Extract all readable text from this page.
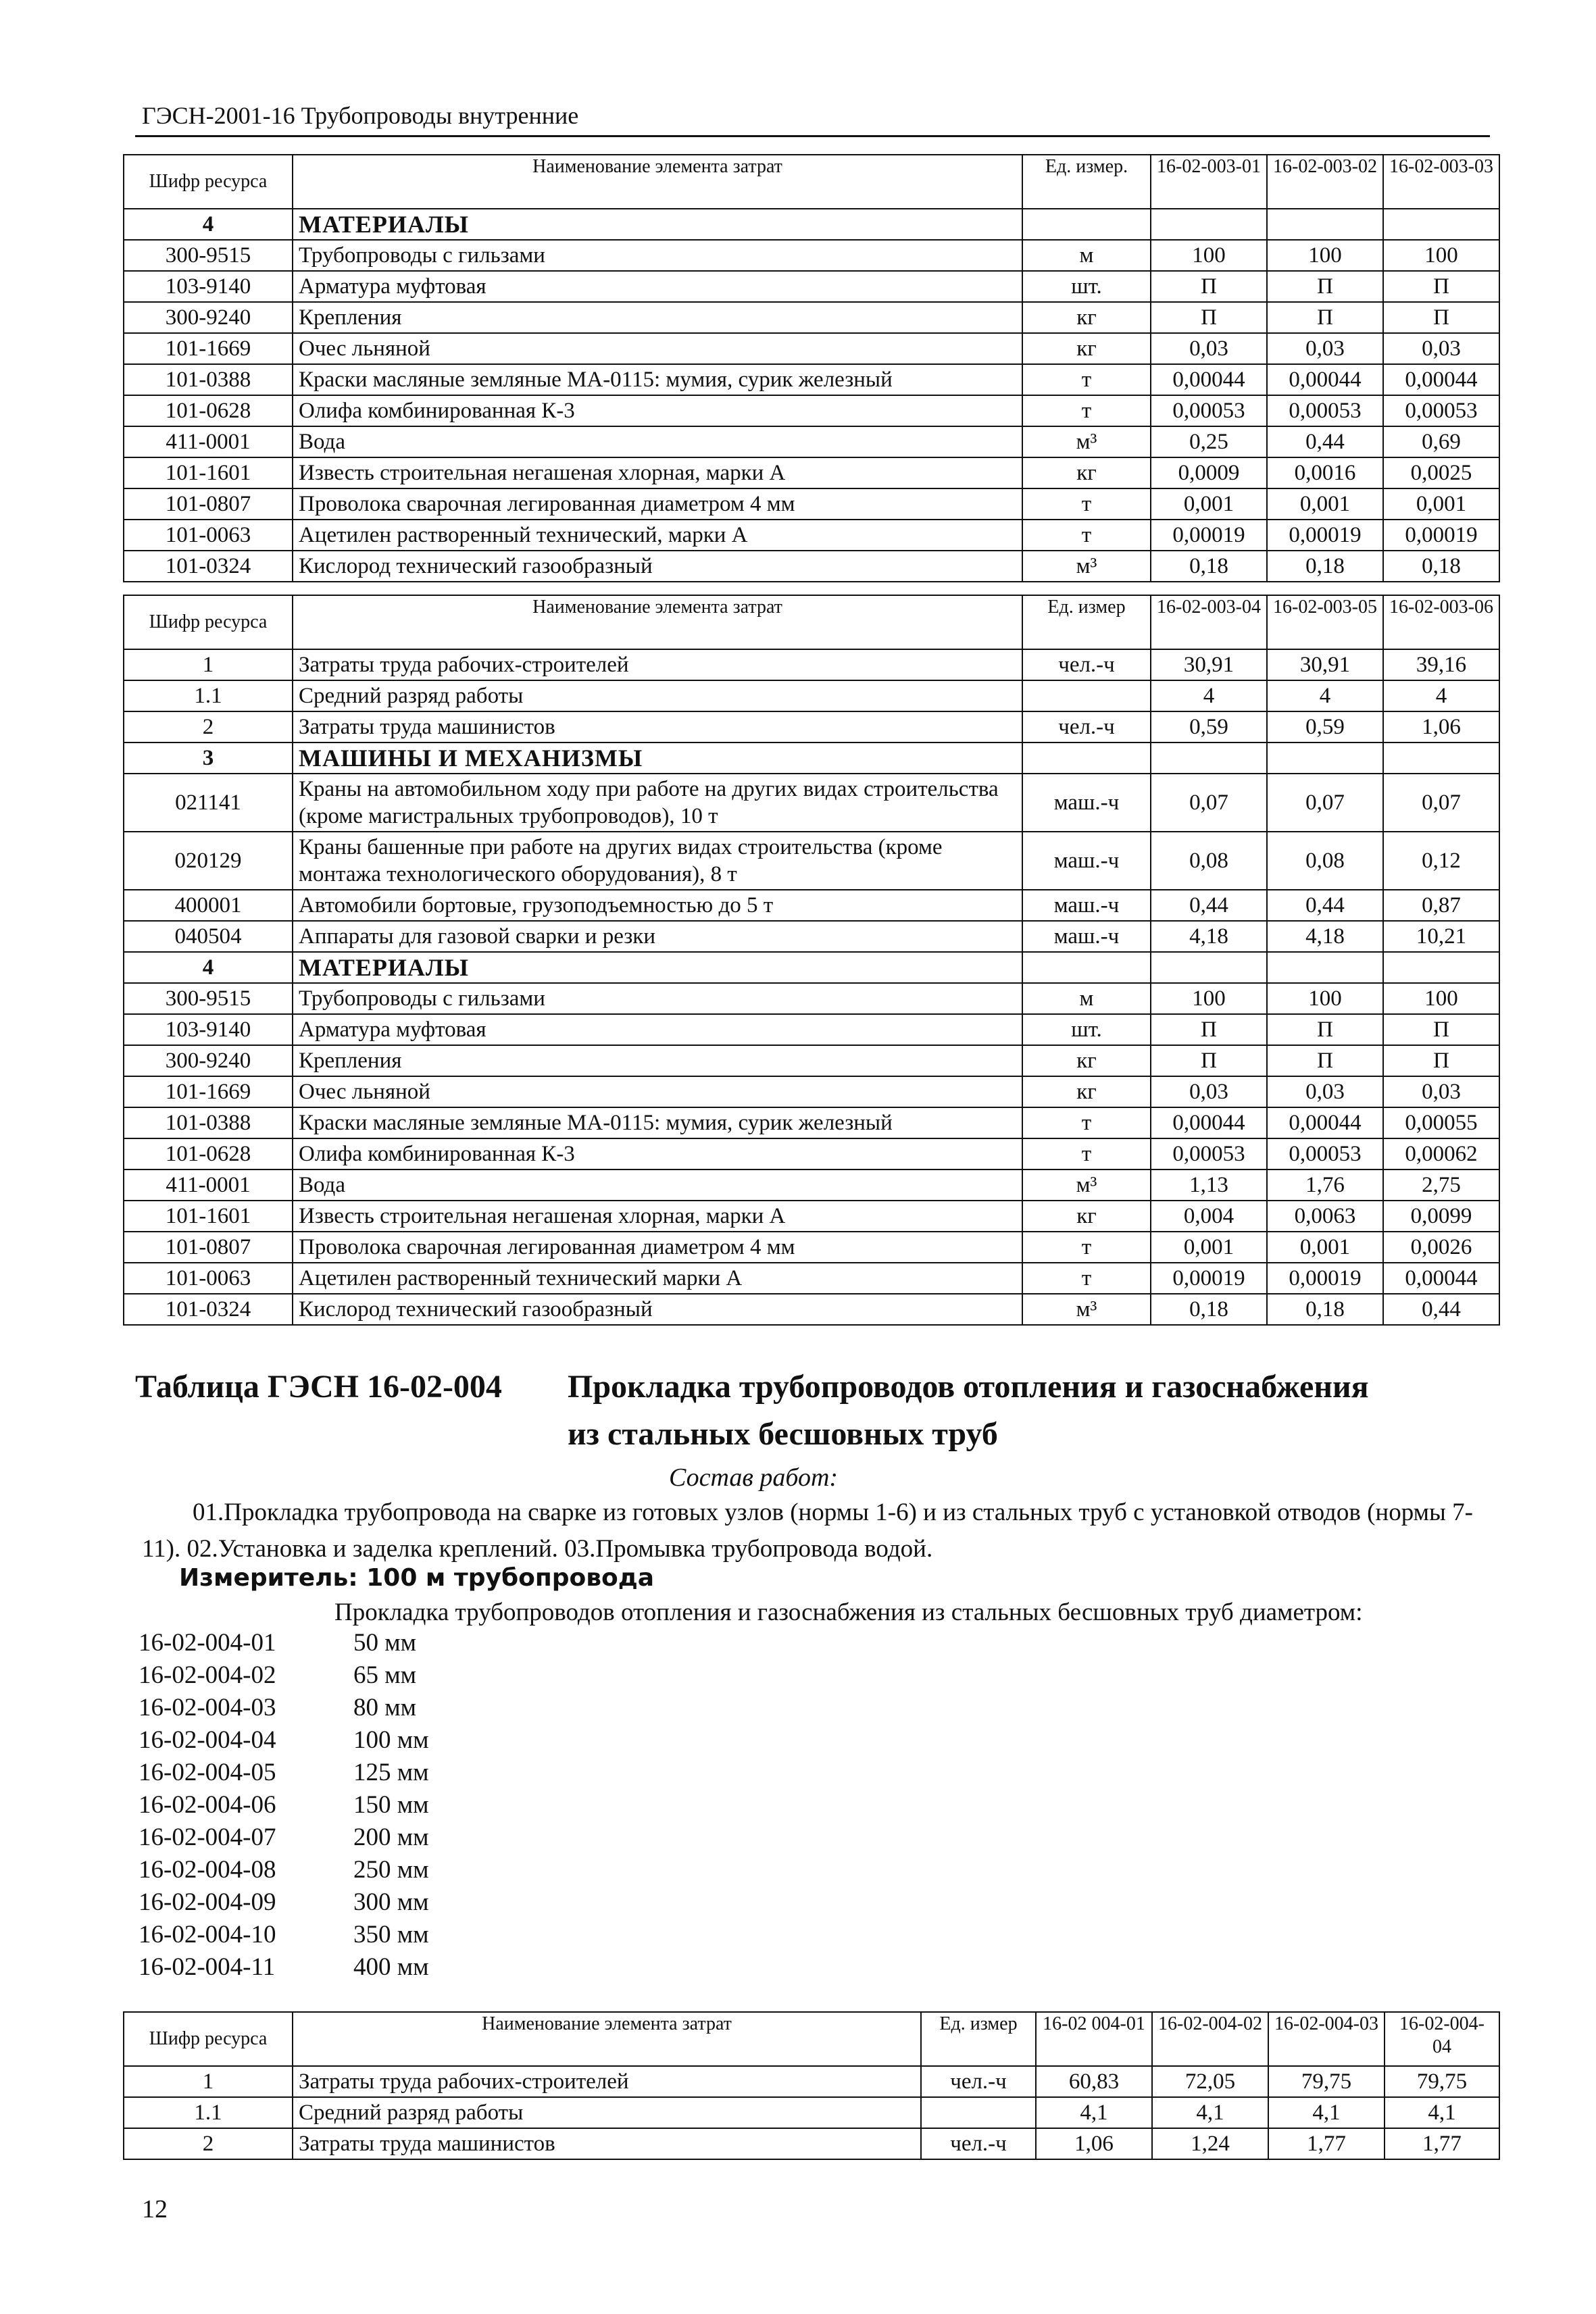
ГЭСН-2001-16 Трубопроводы внутренние
Шифр ресурса	Наименование элемента затрат	Ед. измер.	16-02-003-01	16-02-003-02	16-02-003-03
4	МАТЕРИАЛЫ				
300-9515	Трубопроводы с гильзами	м	100	100	100
103-9140	Арматура муфтовая	шт.	П	П	П
300-9240	Крепления	кг	П	П	П
101-1669	Очес льняной	кг	0,03	0,03	0,03
101-0388	Краски масляные земляные МА-0115: мумия, сурик железный	т	0,00044	0,00044	0,00044
101-0628	Олифа комбинированная К-3	т	0,00053	0,00053	0,00053
411-0001	Вода	м³	0,25	0,44	0,69
101-1601	Известь строительная негашеная хлорная, марки А	кг	0,0009	0,0016	0,0025
101-0807	Проволока сварочная легированная диаметром 4 мм	т	0,001	0,001	0,001
101-0063	Ацетилен растворенный технический, марки А	т	0,00019	0,00019	0,00019
101-0324	Кислород технический газообразный	м³	0,18	0,18	0,18
Шифр ресурса	Наименование элемента затрат	Ед. измер	16-02-003-04	16-02-003-05	16-02-003-06
1	Затраты труда рабочих-строителей	чел.-ч	30,91	30,91	39,16
1.1	Средний разряд работы		4	4	4
2	Затраты труда машинистов	чел.-ч	0,59	0,59	1,06
3	МАШИНЫ И МЕХАНИЗМЫ				
021141	Краны на автомобильном ходу при работе на других видах строительства (кроме магистральных трубопроводов), 10 т	маш.-ч	0,07	0,07	0,07
020129	Краны башенные при работе на других видах строительства (кроме монтажа технологического оборудования), 8 т	маш.-ч	0,08	0,08	0,12
400001	Автомобили бортовые, грузоподъемностью до 5 т	маш.-ч	0,44	0,44	0,87
040504	Аппараты для газовой сварки и резки	маш.-ч	4,18	4,18	10,21
4	МАТЕРИАЛЫ				
300-9515	Трубопроводы с гильзами	м	100	100	100
103-9140	Арматура муфтовая	шт.	П	П	П
300-9240	Крепления	кг	П	П	П
101-1669	Очес льняной	кг	0,03	0,03	0,03
101-0388	Краски масляные земляные МА-0115: мумия, сурик железный	т	0,00044	0,00044	0,00055
101-0628	Олифа комбинированная К-3	т	0,00053	0,00053	0,00062
411-0001	Вода	м³	1,13	1,76	2,75
101-1601	Известь строительная негашеная хлорная, марки А	кг	0,004	0,0063	0,0099
101-0807	Проволока сварочная легированная диаметром 4 мм	т	0,001	0,001	0,0026
101-0063	Ацетилен растворенный технический марки А	т	0,00019	0,00019	0,00044
101-0324	Кислород технический газообразный	м³	0,18	0,18	0,44
Таблица ГЭСН 16-02-004 Прокладка трубопроводов отопления и газоснабжения
из стальных бесшовных труб
Состав работ:
01.Прокладка трубопровода на сварке из готовых узлов (нормы 1-6) и из стальных труб с установкой отводов (нормы 7-11). 02.Установка и заделка креплений. 03.Промывка трубопровода водой.
Измеритель: 100 м трубопровода
Прокладка трубопроводов отопления и газоснабжения из стальных бесшовных труб диаметром:
16-02-004-01	50 мм
16-02-004-02	65 мм
16-02-004-03	80 мм
16-02-004-04	100 мм
16-02-004-05	125 мм
16-02-004-06	150 мм
16-02-004-07	200 мм
16-02-004-08	250 мм
16-02-004-09	300 мм
16-02-004-10	350 мм
16-02-004-11	400 мм
Шифр ресурса	Наименование элемента затрат	Ед. измер	16-02 004-01	16-02-004-02	16-02-004-03	16-02-004-04
1	Затраты труда рабочих-строителей	чел.-ч	60,83	72,05	79,75	79,75
1.1	Средний разряд работы		4,1	4,1	4,1	4,1
2	Затраты труда машинистов	чел.-ч	1,06	1,24	1,77	1,77
12
